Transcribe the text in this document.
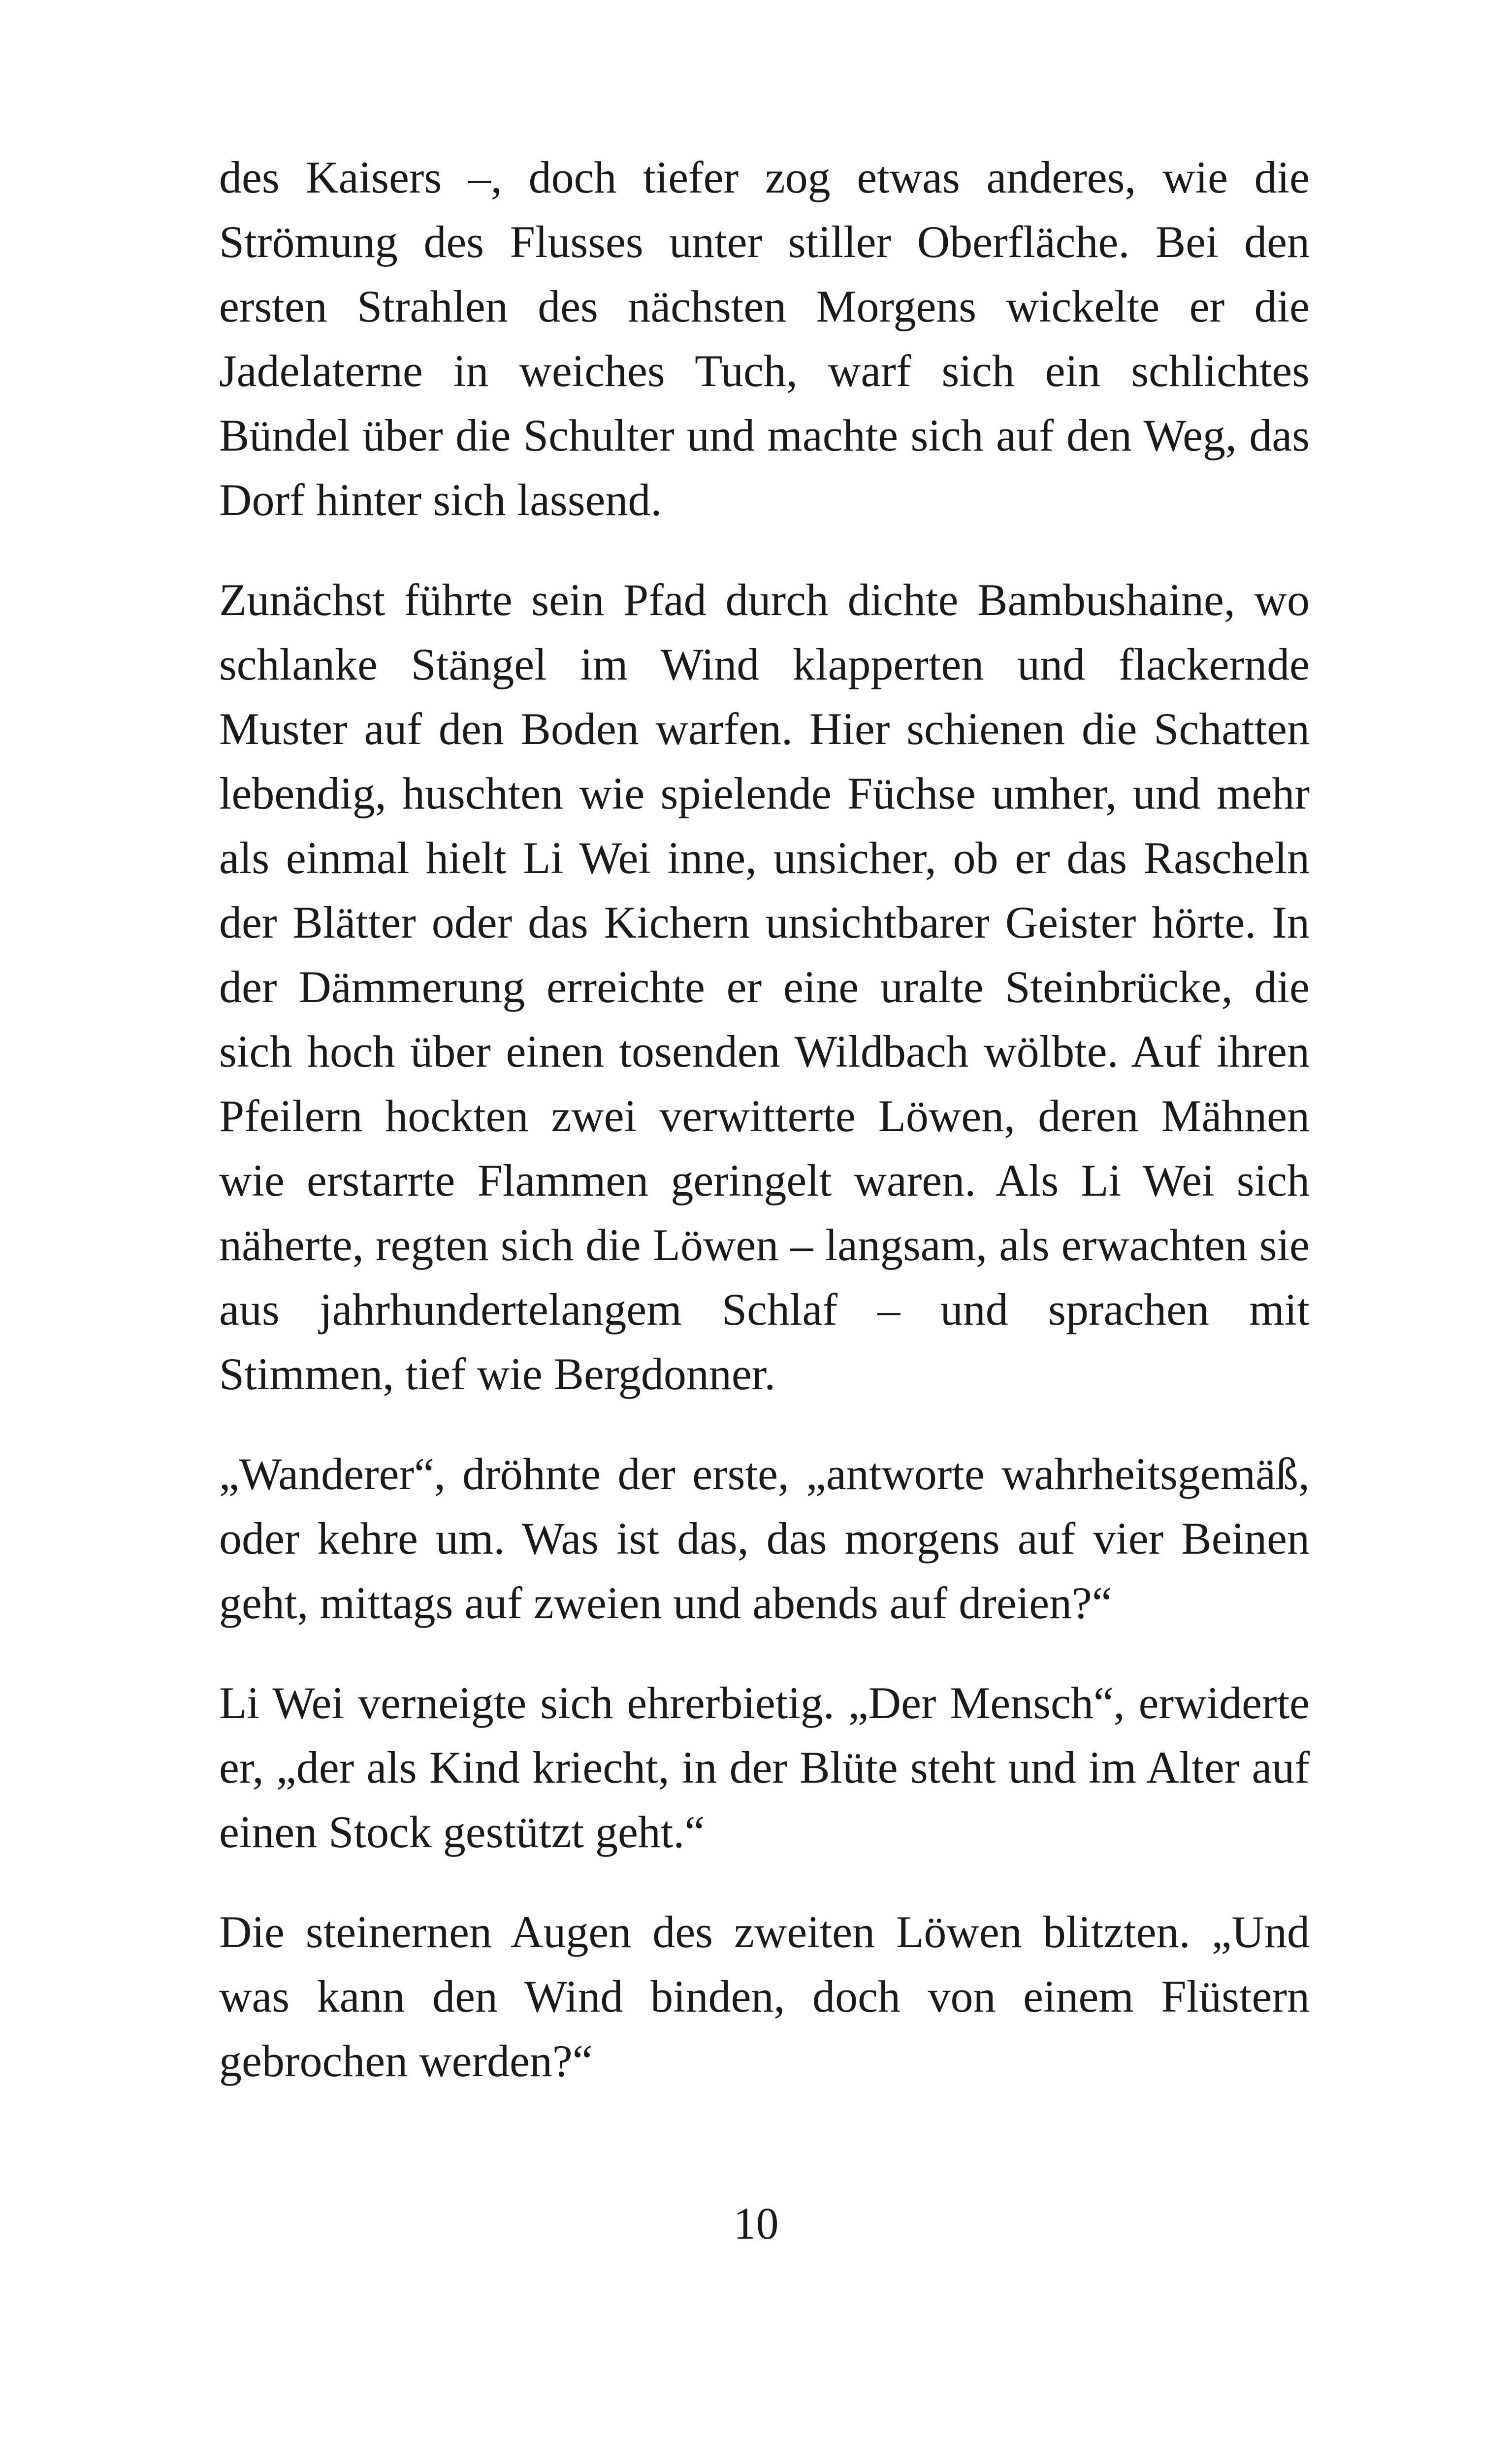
des Kaisers –, doch tiefer zog etwas anderes, wie die Strömung des Flusses unter stiller Oberfläche. Bei den ersten Strahlen des nächsten Morgens wickelte er die Jadelaterne in weiches Tuch, warf sich ein schlichtes Bündel über die Schulter und machte sich auf den Weg, das Dorf hinter sich lassend.

Zunächst führte sein Pfad durch dichte Bambushaine, wo schlanke Stängel im Wind klapperten und flackernde Muster auf den Boden warfen. Hier schienen die Schatten lebendig, huschten wie spielende Füchse umher, und mehr als einmal hielt Li Wei inne, unsicher, ob er das Rascheln der Blätter oder das Kichern unsichtbarer Geister hörte. In der Dämmerung erreichte er eine uralte Steinbrücke, die sich hoch über einen tosenden Wildbach wölbte. Auf ihren Pfeilern hockten zwei verwitterte Löwen, deren Mähnen wie erstarrte Flammen geringelt waren. Als Li Wei sich näherte, regten sich die Löwen – langsam, als erwachten sie aus jahrhundertelangem Schlaf – und sprachen mit Stimmen, tief wie Bergdonner.

„Wanderer“, dröhnte der erste, „antworte wahrheitsgemäß, oder kehre um. Was ist das, das morgens auf vier Beinen geht, mittags auf zweien und abends auf dreien?“

Li Wei verneigte sich ehrerbietig. „Der Mensch“, erwiderte er, „der als Kind kriecht, in der Blüte steht und im Alter auf einen Stock gestützt geht.“

Die steinernen Augen des zweiten Löwen blitzten. „Und was kann den Wind binden, doch von einem Flüstern gebrochen werden?“

10
